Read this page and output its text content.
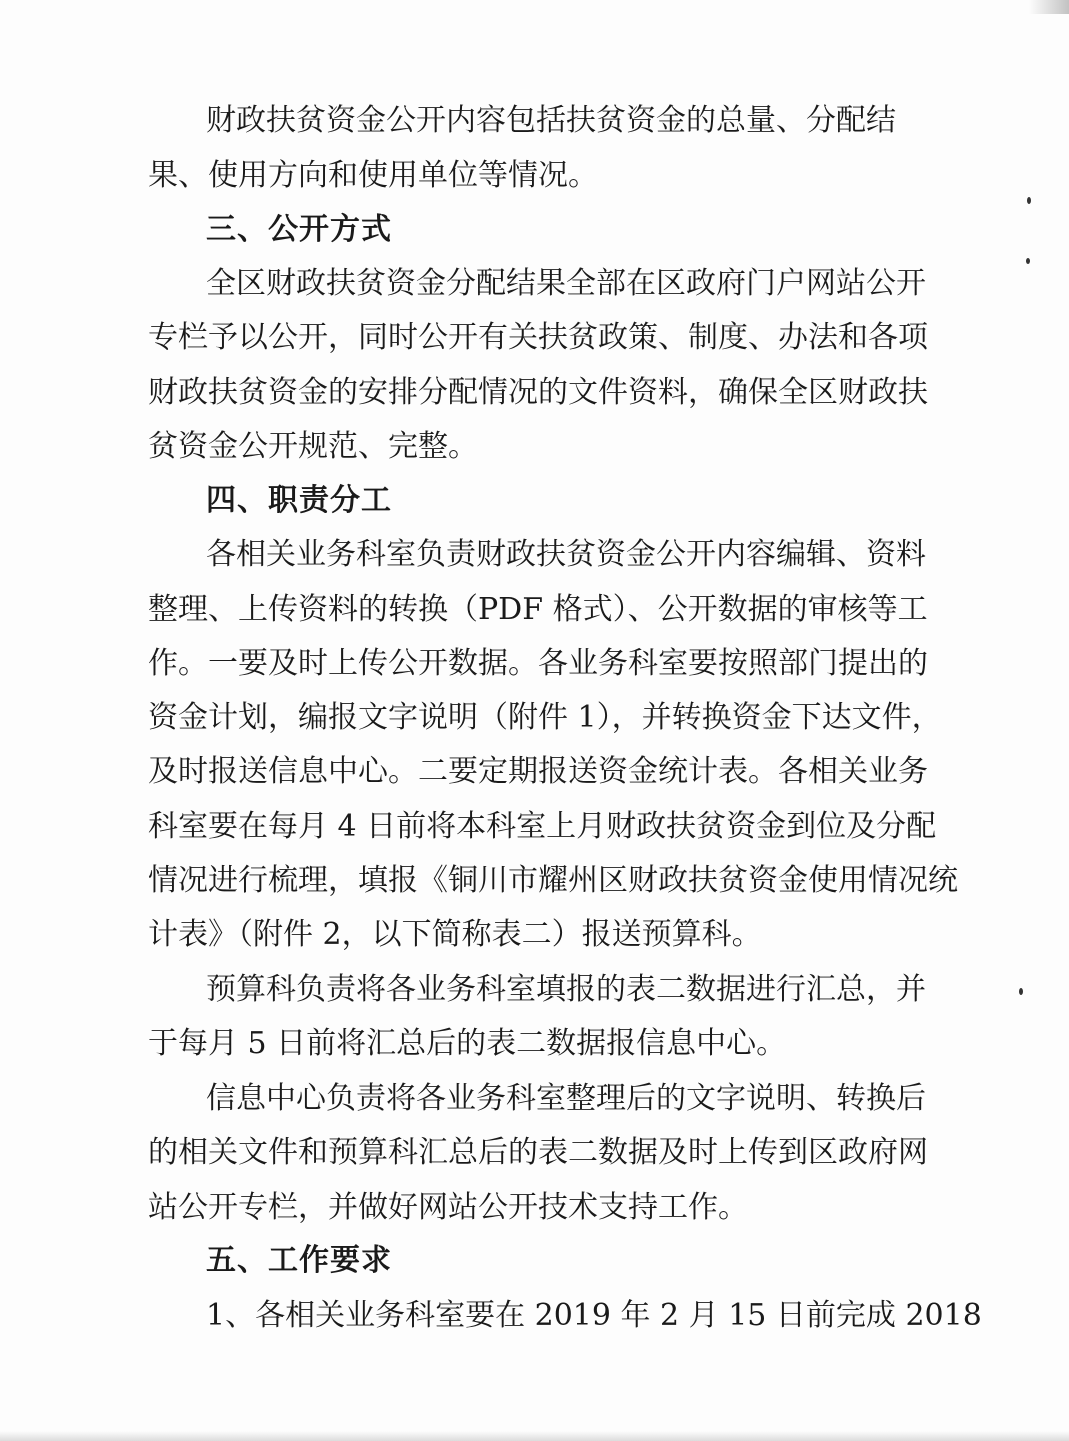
财政扶贫资金公开内容包括扶贫资金的总量、分配结
果、使用方向和使用单位等情况。
三、公开方式
全区财政扶贫资金分配结果全部在区政府门户网站公开
专栏予以公开，同时公开有关扶贫政策、制度、办法和各项
财政扶贫资金的安排分配情况的文件资料，确保全区财政扶
贫资金公开规范、完整。
四、职责分工
各相关业务科室负责财政扶贫资金公开内容编辑、资料
整理、上传资料的转换（PDF 格式）、公开数据的审核等工
作。一要及时上传公开数据。各业务科室要按照部门提出的
资金计划，编报文字说明（附件 1），并转换资金下达文件，
及时报送信息中心。二要定期报送资金统计表。各相关业务
科室要在每月 4 日前将本科室上月财政扶贫资金到位及分配
情况进行梳理，填报《铜川市耀州区财政扶贫资金使用情况统
计表》（附件 2，以下简称表二）报送预算科。
预算科负责将各业务科室填报的表二数据进行汇总，并
于每月 5 日前将汇总后的表二数据报信息中心。
信息中心负责将各业务科室整理后的文字说明、转换后
的相关文件和预算科汇总后的表二数据及时上传到区政府网
站公开专栏，并做好网站公开技术支持工作。
五、工作要求
1、各相关业务科室要在 2019 年 2 月 15 日前完成 2018
